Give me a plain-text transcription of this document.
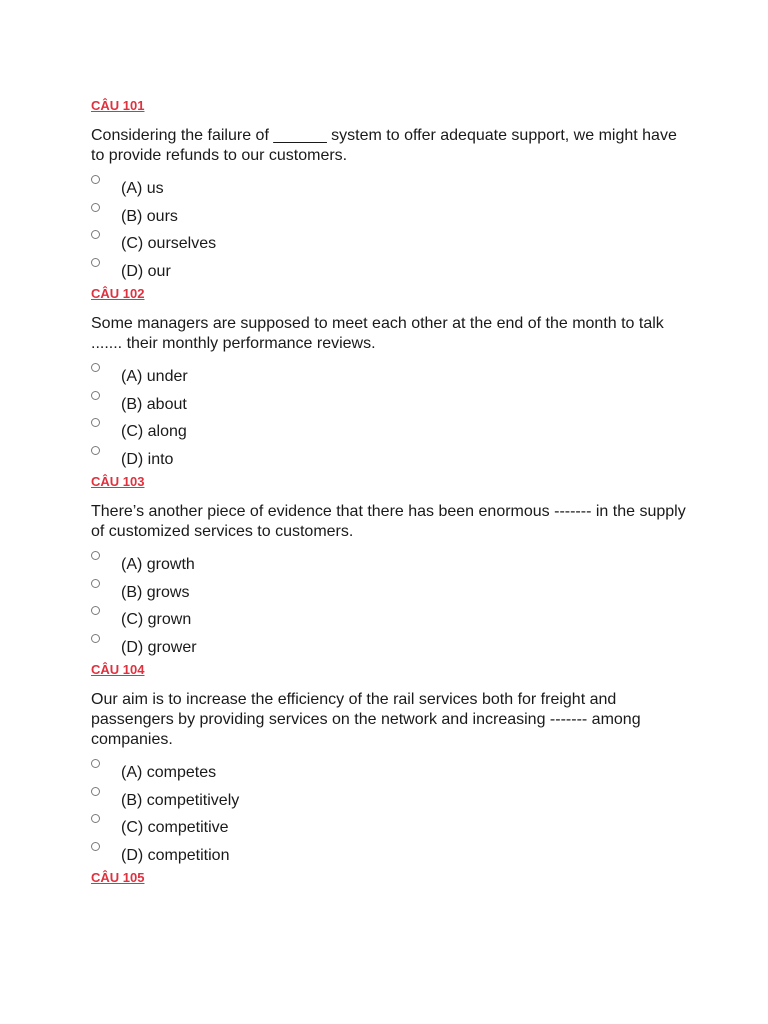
CÂU 101

Considering the failure of ______ system to offer adequate support, we might have to provide refunds to our customers.

(A) us
(B) ours
(C) ourselves
(D) our
CÂU 102

Some managers are supposed to meet each other at the end of the month to talk ....... their monthly performance reviews.

(A) under
(B) about
(C) along
(D) into
CÂU 103

There’s another piece of evidence that there has been enormous ------- in the supply of customized services to customers.

(A) growth
(B) grows
(C) grown
(D) grower
CÂU 104

Our aim is to increase the efficiency of the rail services both for freight and passengers by providing services on the network and increasing ------- among companies.

(A) competes
(B) competitively
(C) competitive
(D) competition
CÂU 105
